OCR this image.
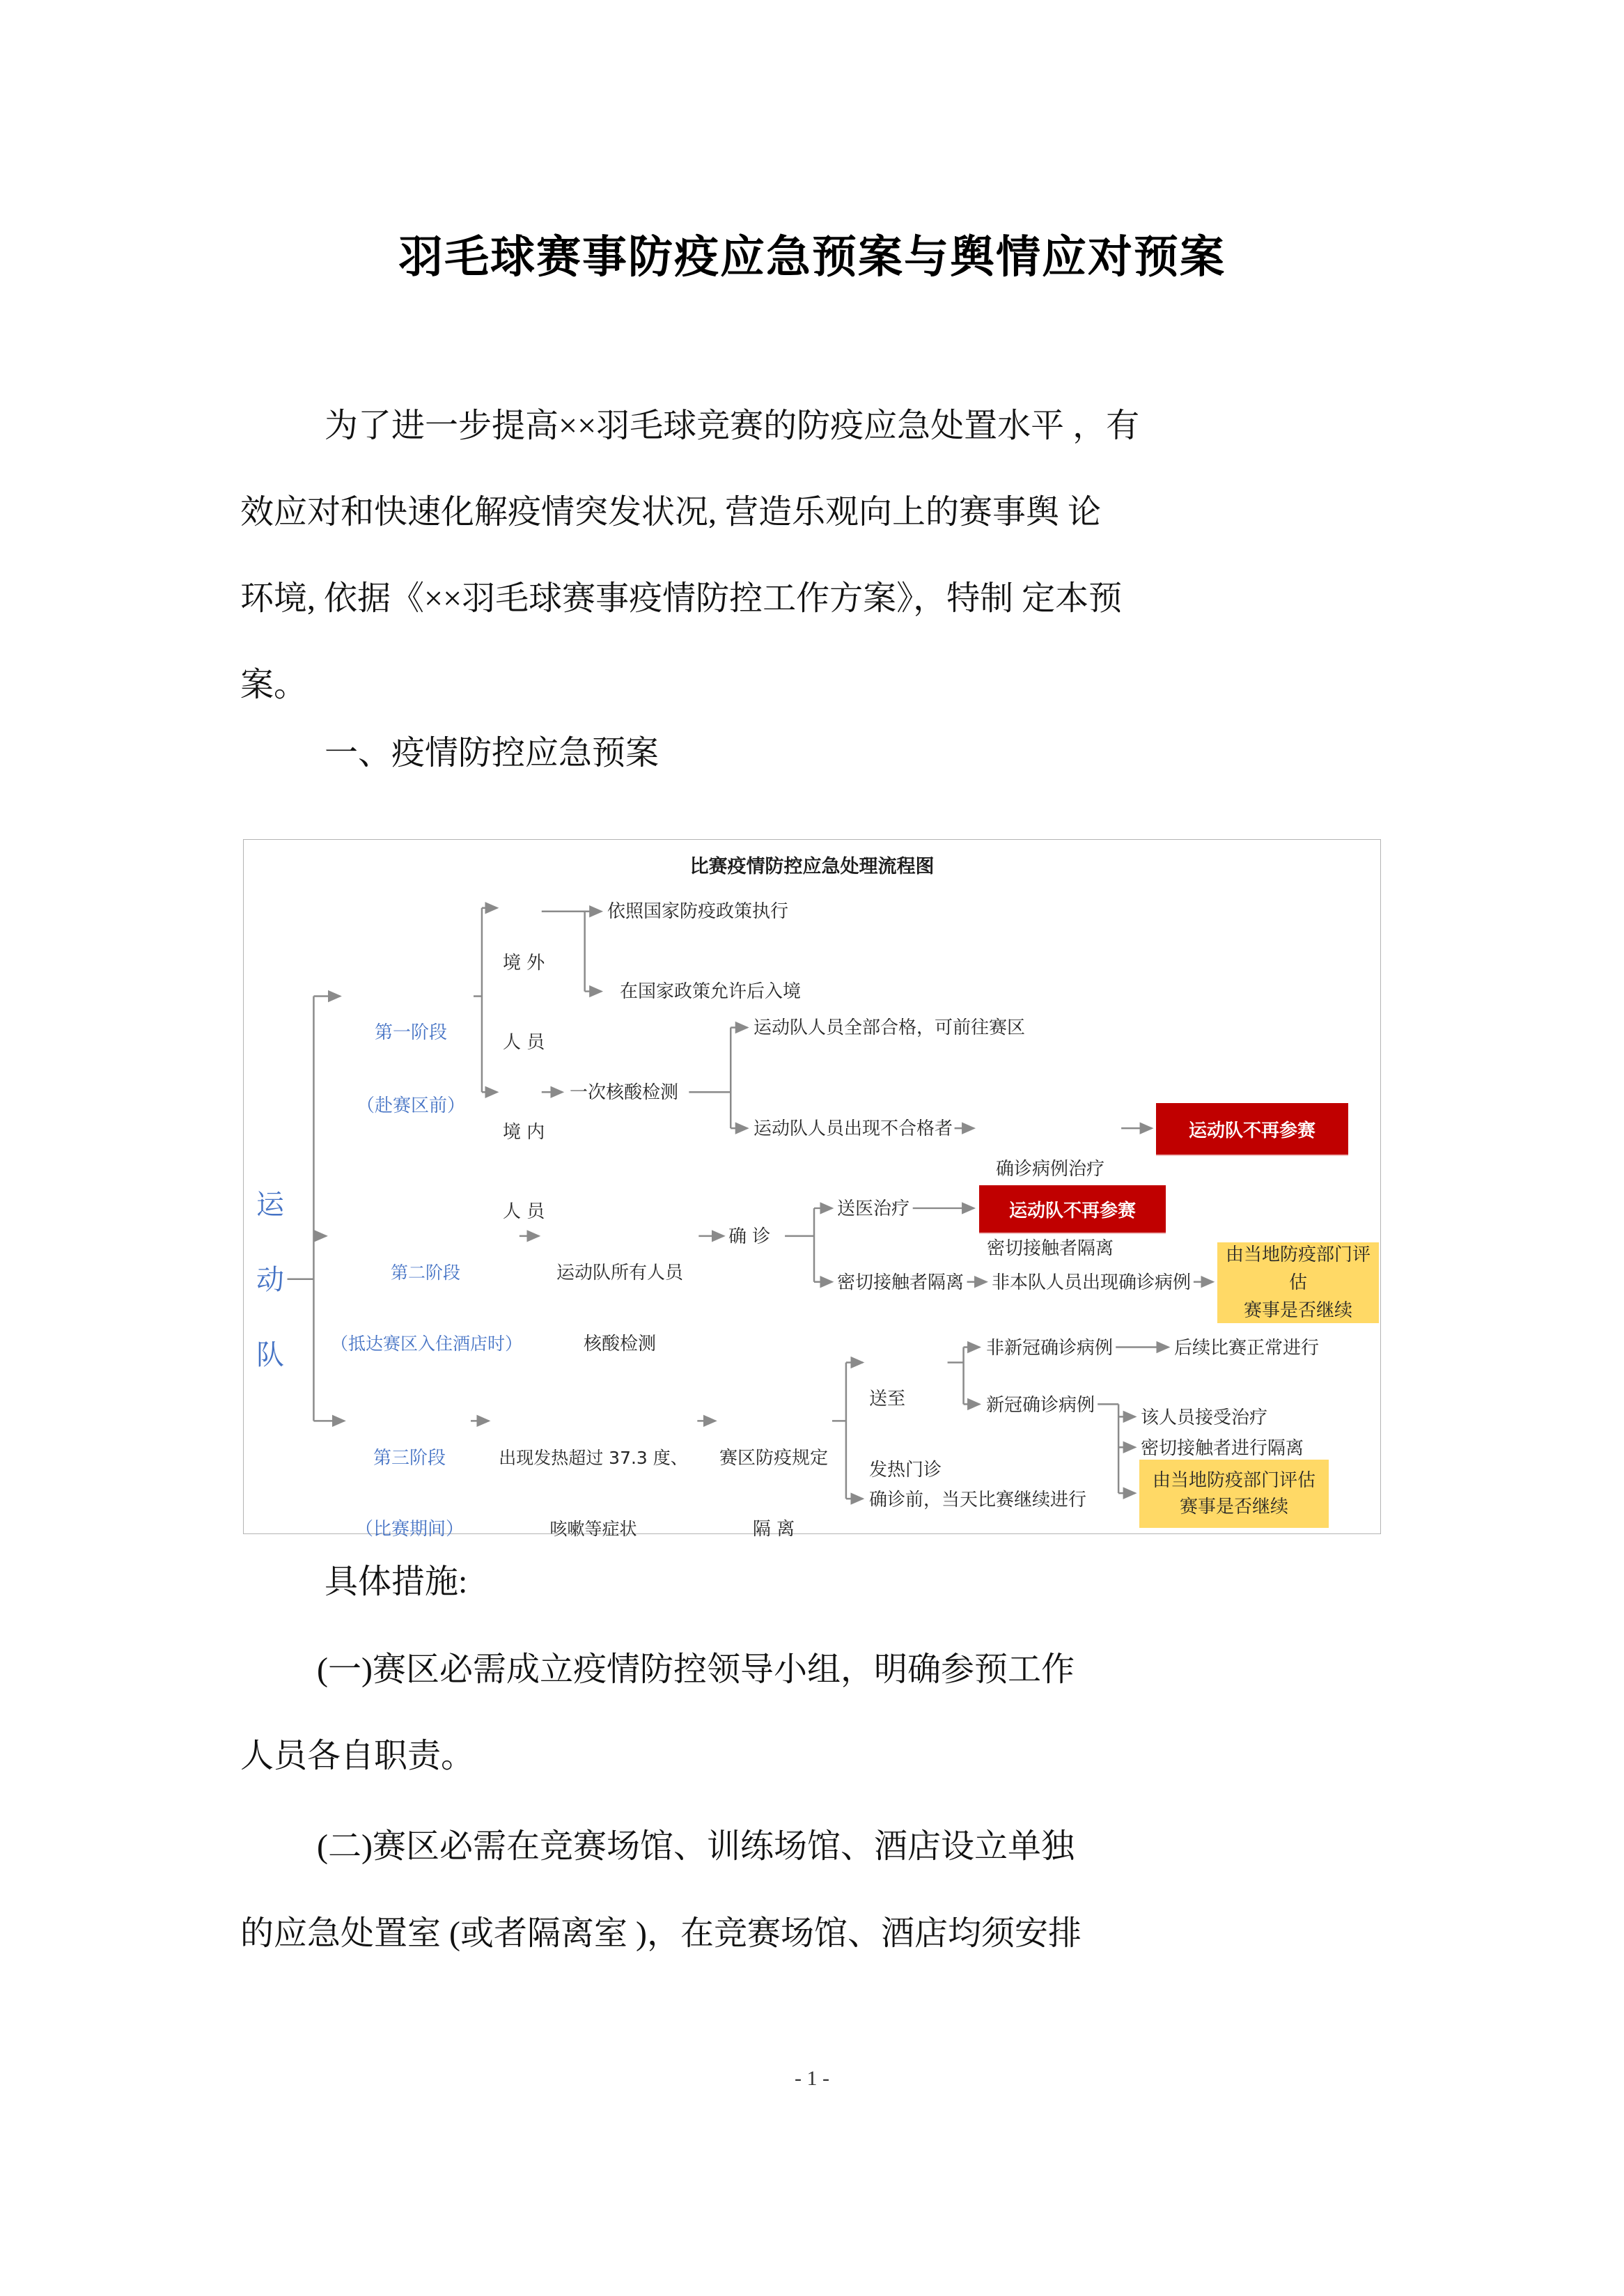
羽毛球赛事防疫应急预案与舆情应对预案
为了进一步提高××羽毛球竞赛的防疫应急处置水平 ，有
效应对和快速化解疫情突发状况, 营造乐观向上的赛事舆 论
环境, 依据《××羽毛球赛事疫情防控工作方案》，特制 定本预
案。
一、疫情防控应急预案
比赛疫情防控应急处理流程图
运
动
队

第一阶段

（赴赛区前）

境 外

人 员

依照国家防疫政策执行
在国家政策允许后入境

境 内

人 员

一次核酸检测
运动队人员全部合格，可前往赛区
运动队人员出现不合格者

确诊病例治疗

密切接触者隔离

运动队不再参赛

第二阶段

（抵达赛区入住酒店时）

运动队所有人员

核酸检测

确 诊
送医治疗	运动队不再参赛
密切接触者隔离 非本队人员出现确诊病例
由当地防疫部门评估
赛事是否继续

第三阶段

（比赛期间）

出现发热超过 37.3 度、

咳嗽等症状

赛区防疫规定

隔 离

送至

发热门诊

非新冠确诊病例	后续比赛正常进行
新冠确诊病例
该人员接受治疗
密切接触者进行隔离
由当地防疫部门评估
赛事是否继续
确诊前，当天比赛继续进行
具体措施:
(一)赛区必需成立疫情防控领导小组，明确参预工作
人员各自职责。
(二)赛区必需在竞赛场馆、训练场馆、酒店设立单独
的应急处置室 (或者隔离室 )，在竞赛场馆、酒店均须安排
- 1 -
